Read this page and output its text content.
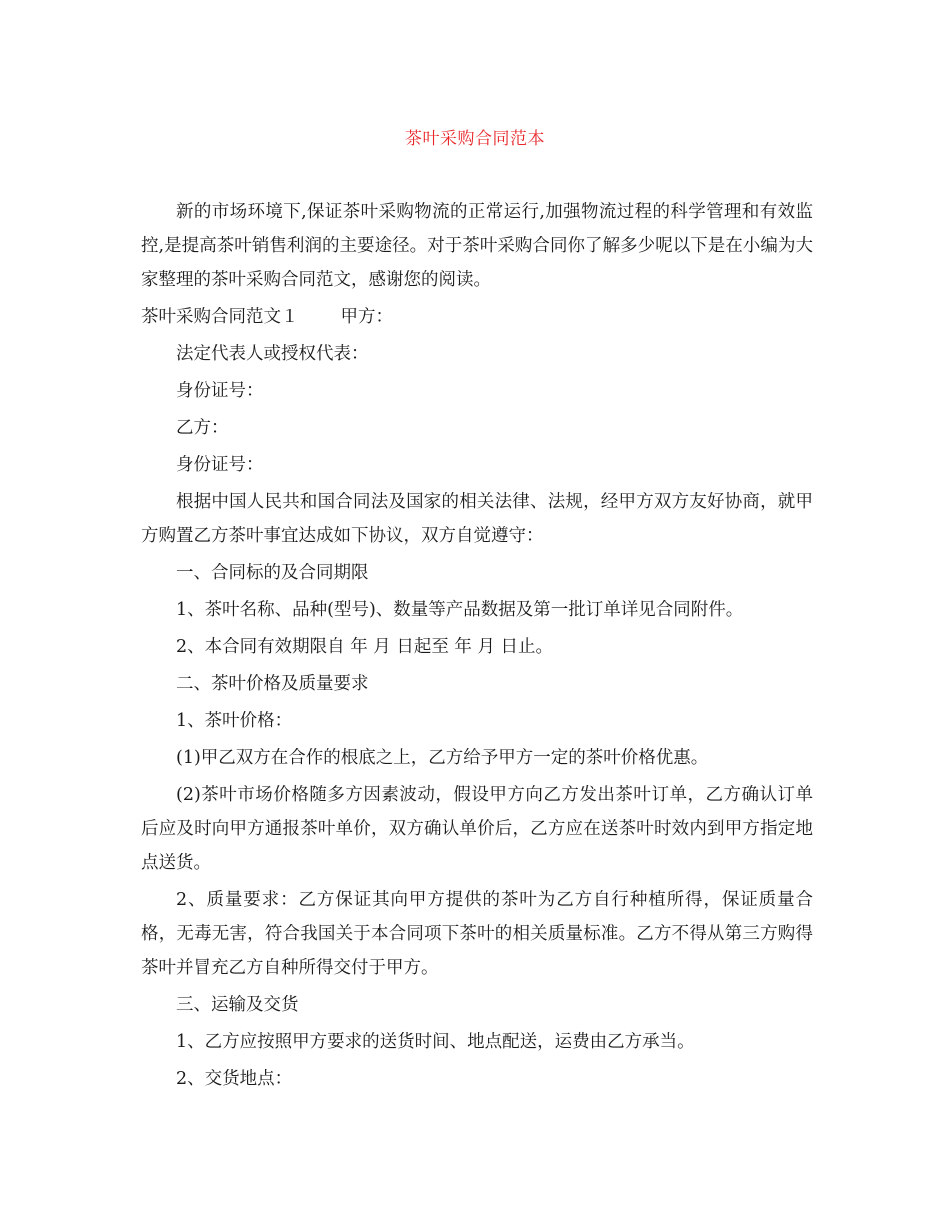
茶叶采购合同范本

新的市场环境下,保证茶叶采购物流的正常运行,加强物流过程的科学管理和有效监控,是提高茶叶销售利润的主要途径。对于茶叶采购合同你了解多少呢以下是在小编为大家整理的茶叶采购合同范文，感谢您的阅读。

茶叶采购合同范文１ 甲方：

法定代表人或授权代表：

身份证号：

乙方：

身份证号：

根据中国人民共和国合同法及国家的相关法律、法规，经甲方双方友好协商，就甲方购置乙方茶叶事宜达成如下协议，双方自觉遵守：

一、合同标的及合同期限

1、茶叶名称、品种(型号)、数量等产品数据及第一批订单详见合同附件。

2、本合同有效期限自 年 月 日起至 年 月 日止。

二、茶叶价格及质量要求

1、茶叶价格：

(1)甲乙双方在合作的根底之上，乙方给予甲方一定的茶叶价格优惠。

(2)茶叶市场价格随多方因素波动，假设甲方向乙方发出茶叶订单，乙方确认订单后应及时向甲方通报茶叶单价，双方确认单价后，乙方应在送茶叶时效内到甲方指定地点送货。

2、质量要求：乙方保证其向甲方提供的茶叶为乙方自行种植所得，保证质量合格，无毒无害，符合我国关于本合同项下茶叶的相关质量标准。乙方不得从第三方购得茶叶并冒充乙方自种所得交付于甲方。

三、运输及交货

1、乙方应按照甲方要求的送货时间、地点配送，运费由乙方承当。

2、交货地点：
